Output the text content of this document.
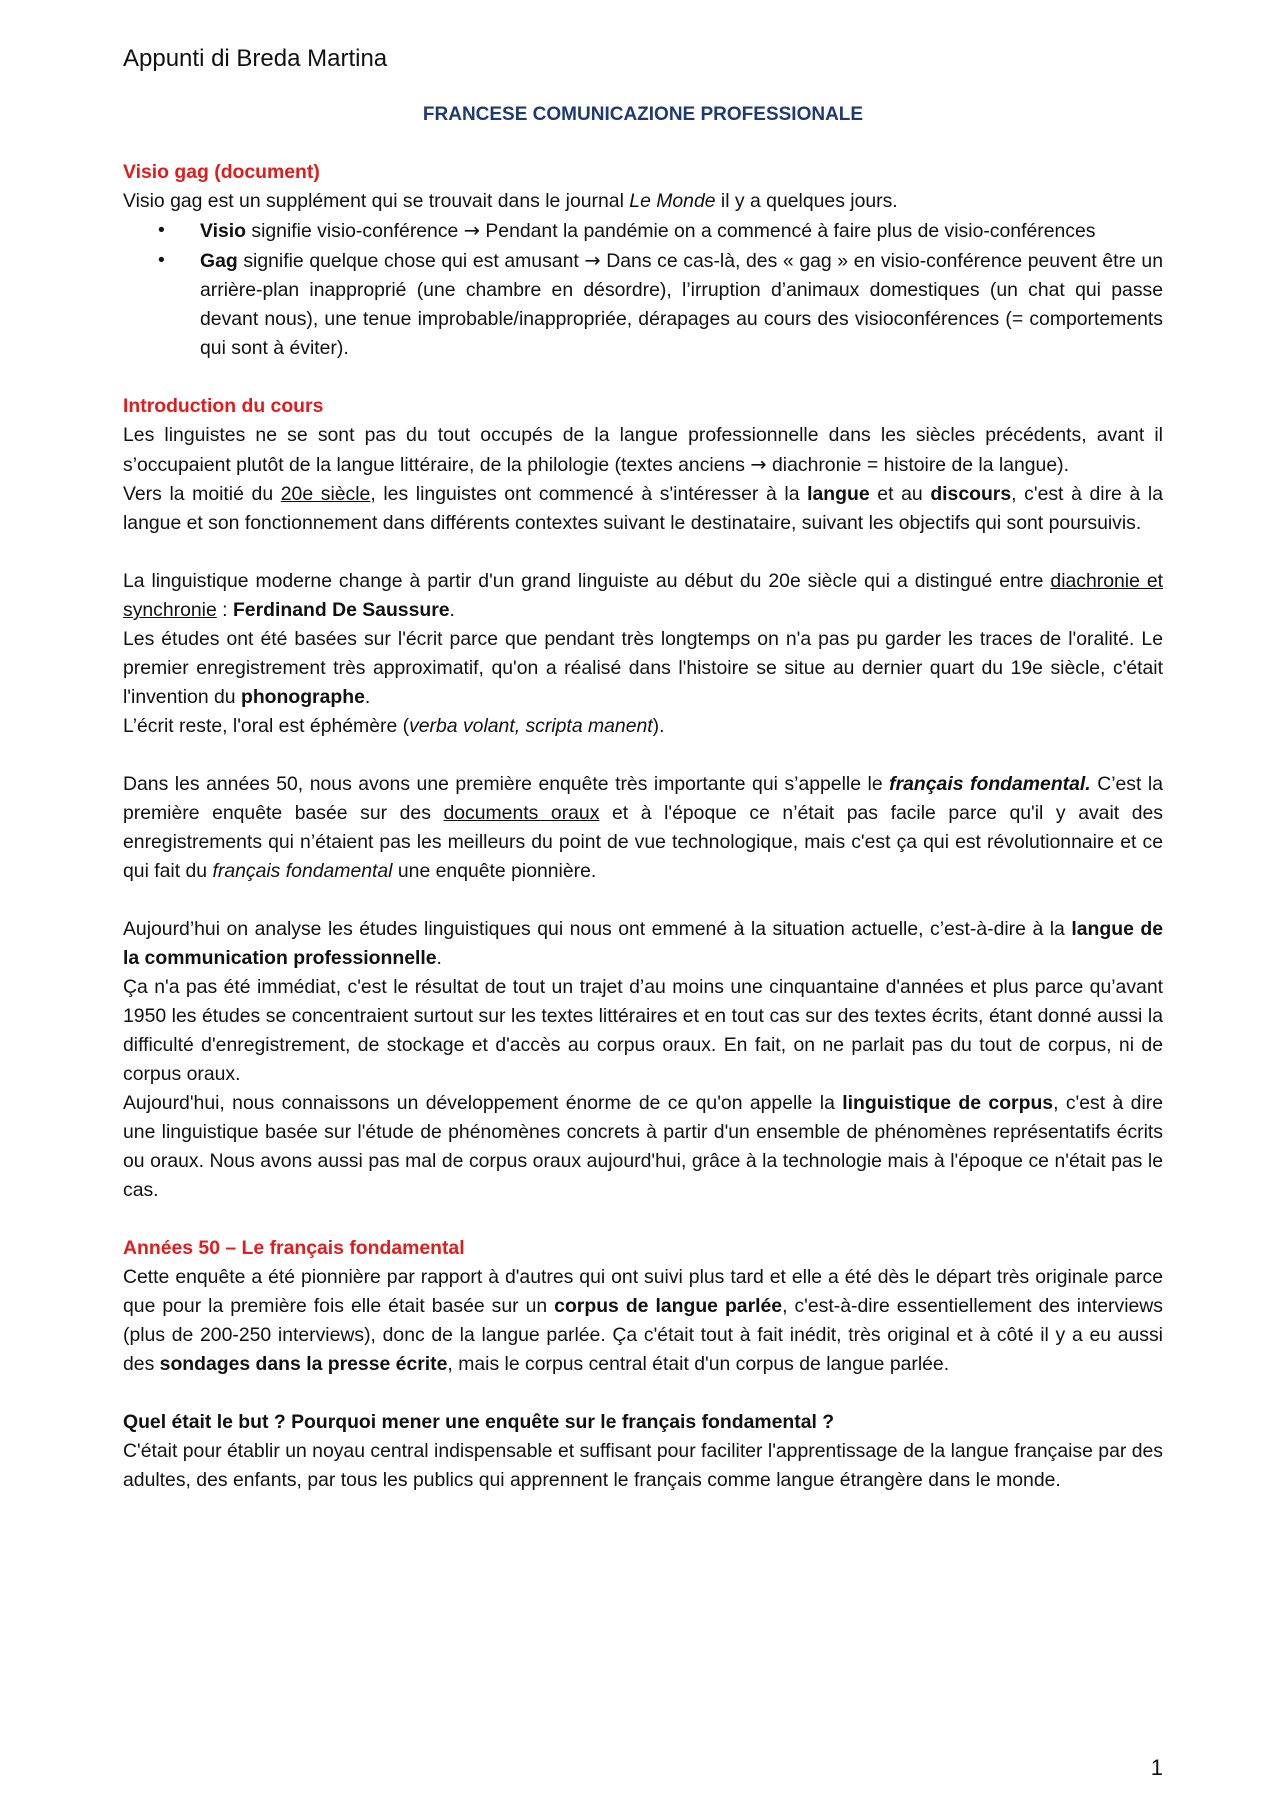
Appunti di Breda Martina
FRANCESE COMUNICAZIONE PROFESSIONALE

Visio gag (document)

Visio gag est un supplément qui se trouvait dans le journal Le Monde il y a quelques jours.

• Visio signifie visio-conférence → Pendant la pandémie on a commencé à faire plus de visio-conférences
• Gag signifie quelque chose qui est amusant → Dans ce cas-là, des « gag » en visio-conférence peuvent être un arrière-plan inapproprié (une chambre en désordre), l’irruption d’animaux domestiques (un chat qui passe devant nous), une tenue improbable/inappropriée, dérapages au cours des visioconférences (= comportements qui sont à éviter).

Introduction du cours

Les linguistes ne se sont pas du tout occupés de la langue professionnelle dans les siècles précédents, avant il s’occupaient plutôt de la langue littéraire, de la philologie (textes anciens → diachronie = histoire de la langue).

Vers la moitié du 20e siècle, les linguistes ont commencé à s'intéresser à la langue et au discours, c'est à dire à la langue et son fonctionnement dans différents contextes suivant le destinataire, suivant les objectifs qui sont poursuivis.

La linguistique moderne change à partir d'un grand linguiste au début du 20e siècle qui a distingué entre diachronie et synchronie : Ferdinand De Saussure.

Les études ont été basées sur l'écrit parce que pendant très longtemps on n'a pas pu garder les traces de l'oralité. Le premier enregistrement très approximatif, qu'on a réalisé dans l'histoire se situe au dernier quart du 19e siècle, c'était l'invention du phonographe.

L’écrit reste, l'oral est éphémère (verba volant, scripta manent).

Dans les années 50, nous avons une première enquête très importante qui s’appelle le français fondamental. C’est la première enquête basée sur des documents oraux et à l'époque ce n’était pas facile parce qu'il y avait des enregistrements qui n’étaient pas les meilleurs du point de vue technologique, mais c'est ça qui est révolutionnaire et ce qui fait du français fondamental une enquête pionnière.

Aujourd’hui on analyse les études linguistiques qui nous ont emmené à la situation actuelle, c’est-à-dire à la langue de la communication professionnelle.

Ça n'a pas été immédiat, c'est le résultat de tout un trajet d’au moins une cinquantaine d'années et plus parce qu’avant 1950 les études se concentraient surtout sur les textes littéraires et en tout cas sur des textes écrits, étant donné aussi la difficulté d'enregistrement, de stockage et d'accès au corpus oraux. En fait, on ne parlait pas du tout de corpus, ni de corpus oraux.

Aujourd'hui, nous connaissons un développement énorme de ce qu'on appelle la linguistique de corpus, c'est à dire une linguistique basée sur l'étude de phénomènes concrets à partir d'un ensemble de phénomènes représentatifs écrits ou oraux. Nous avons aussi pas mal de corpus oraux aujourd'hui, grâce à la technologie mais à l'époque ce n'était pas le cas.

Années 50 – Le français fondamental

Cette enquête a été pionnière par rapport à d'autres qui ont suivi plus tard et elle a été dès le départ très originale parce que pour la première fois elle était basée sur un corpus de langue parlée, c'est-à-dire essentiellement des interviews (plus de 200-250 interviews), donc de la langue parlée. Ça c'était tout à fait inédit, très original et à côté il y a eu aussi des sondages dans la presse écrite, mais le corpus central était d'un corpus de langue parlée.

Quel était le but ? Pourquoi mener une enquête sur le français fondamental ?

C'était pour établir un noyau central indispensable et suffisant pour faciliter l'apprentissage de la langue française par des adultes, des enfants, par tous les publics qui apprennent le français comme langue étrangère dans le monde.

1
